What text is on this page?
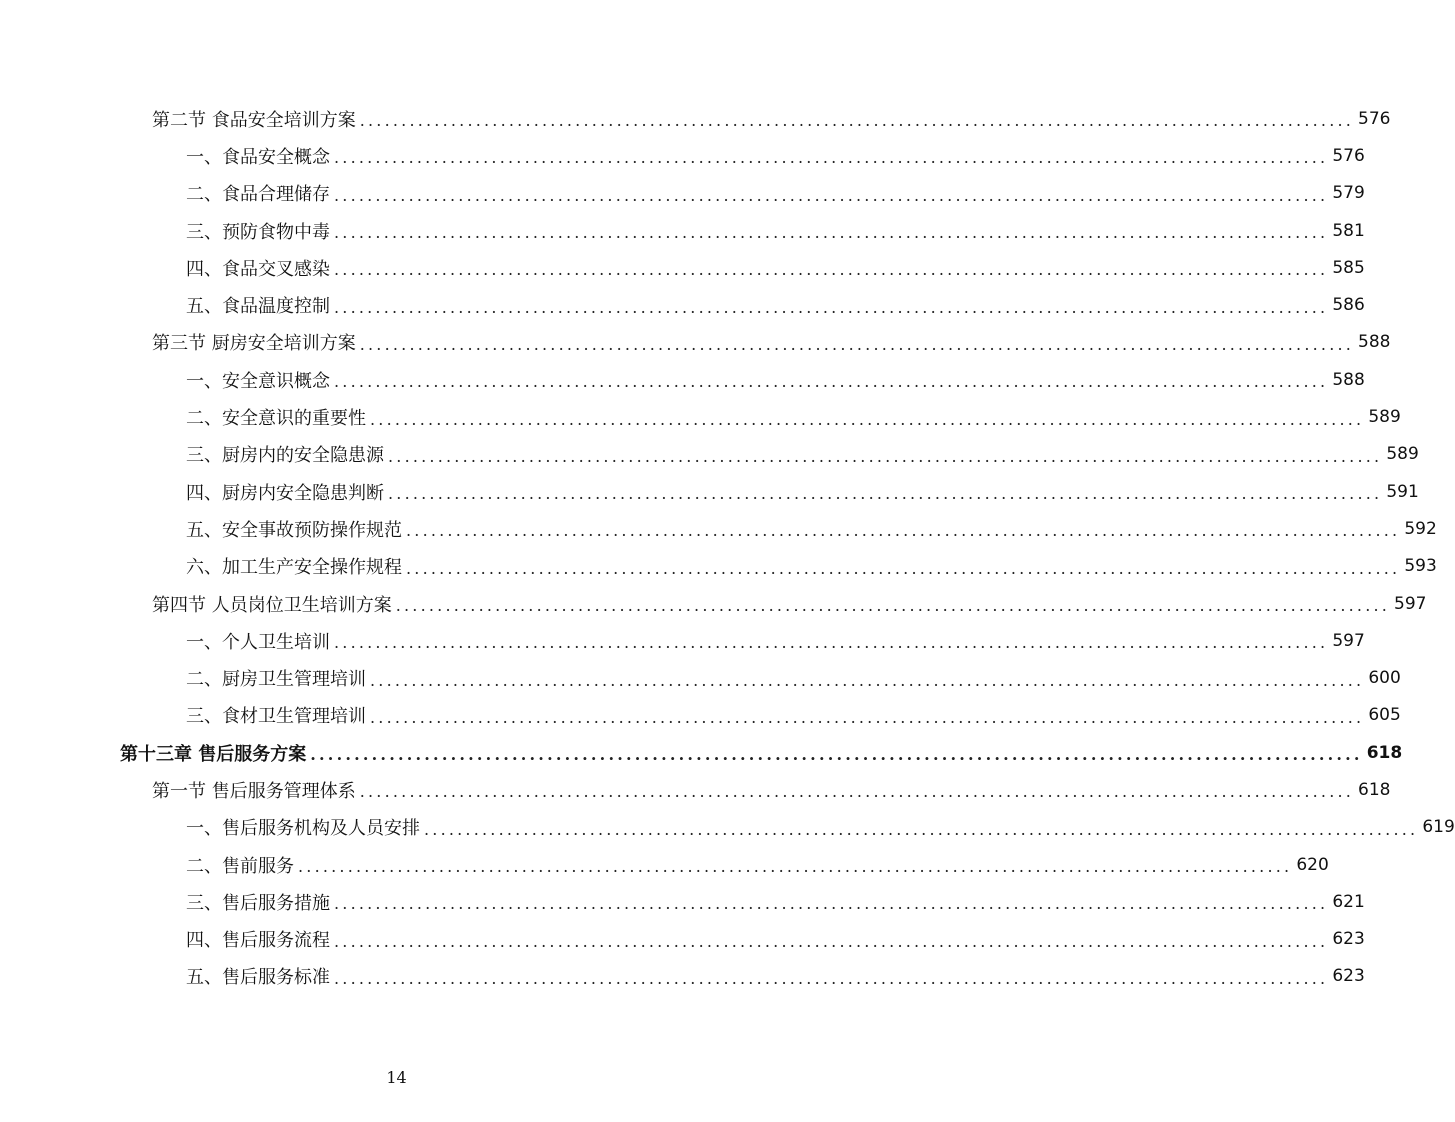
第二节 食品安全培训方案 ........................................................................................................................ 576
一、食品安全概念 ........................................................................................................................ 576
二、食品合理储存 ........................................................................................................................ 579
三、预防食物中毒 ........................................................................................................................ 581
四、食品交叉感染 ........................................................................................................................ 585
五、食品温度控制 ........................................................................................................................ 586
第三节 厨房安全培训方案 ........................................................................................................................ 588
一、安全意识概念 ........................................................................................................................ 588
二、安全意识的重要性 ........................................................................................................................ 589
三、厨房内的安全隐患源 ........................................................................................................................ 589
四、厨房内安全隐患判断 ........................................................................................................................ 591
五、安全事故预防操作规范 ........................................................................................................................ 592
六、加工生产安全操作规程 ........................................................................................................................ 593
第四节 人员岗位卫生培训方案 ........................................................................................................................ 597
一、个人卫生培训 ........................................................................................................................ 597
二、厨房卫生管理培训 ........................................................................................................................ 600
三、食材卫生管理培训 ........................................................................................................................ 605
第十三章 售后服务方案 ........................................................................................................................ 618
第一节 售后服务管理体系 ........................................................................................................................ 618
一、售后服务机构及人员安排 ........................................................................................................................ 619
二、售前服务 ........................................................................................................................ 620
三、售后服务措施 ........................................................................................................................ 621
四、售后服务流程 ........................................................................................................................ 623
五、售后服务标准 ........................................................................................................................ 623
14
